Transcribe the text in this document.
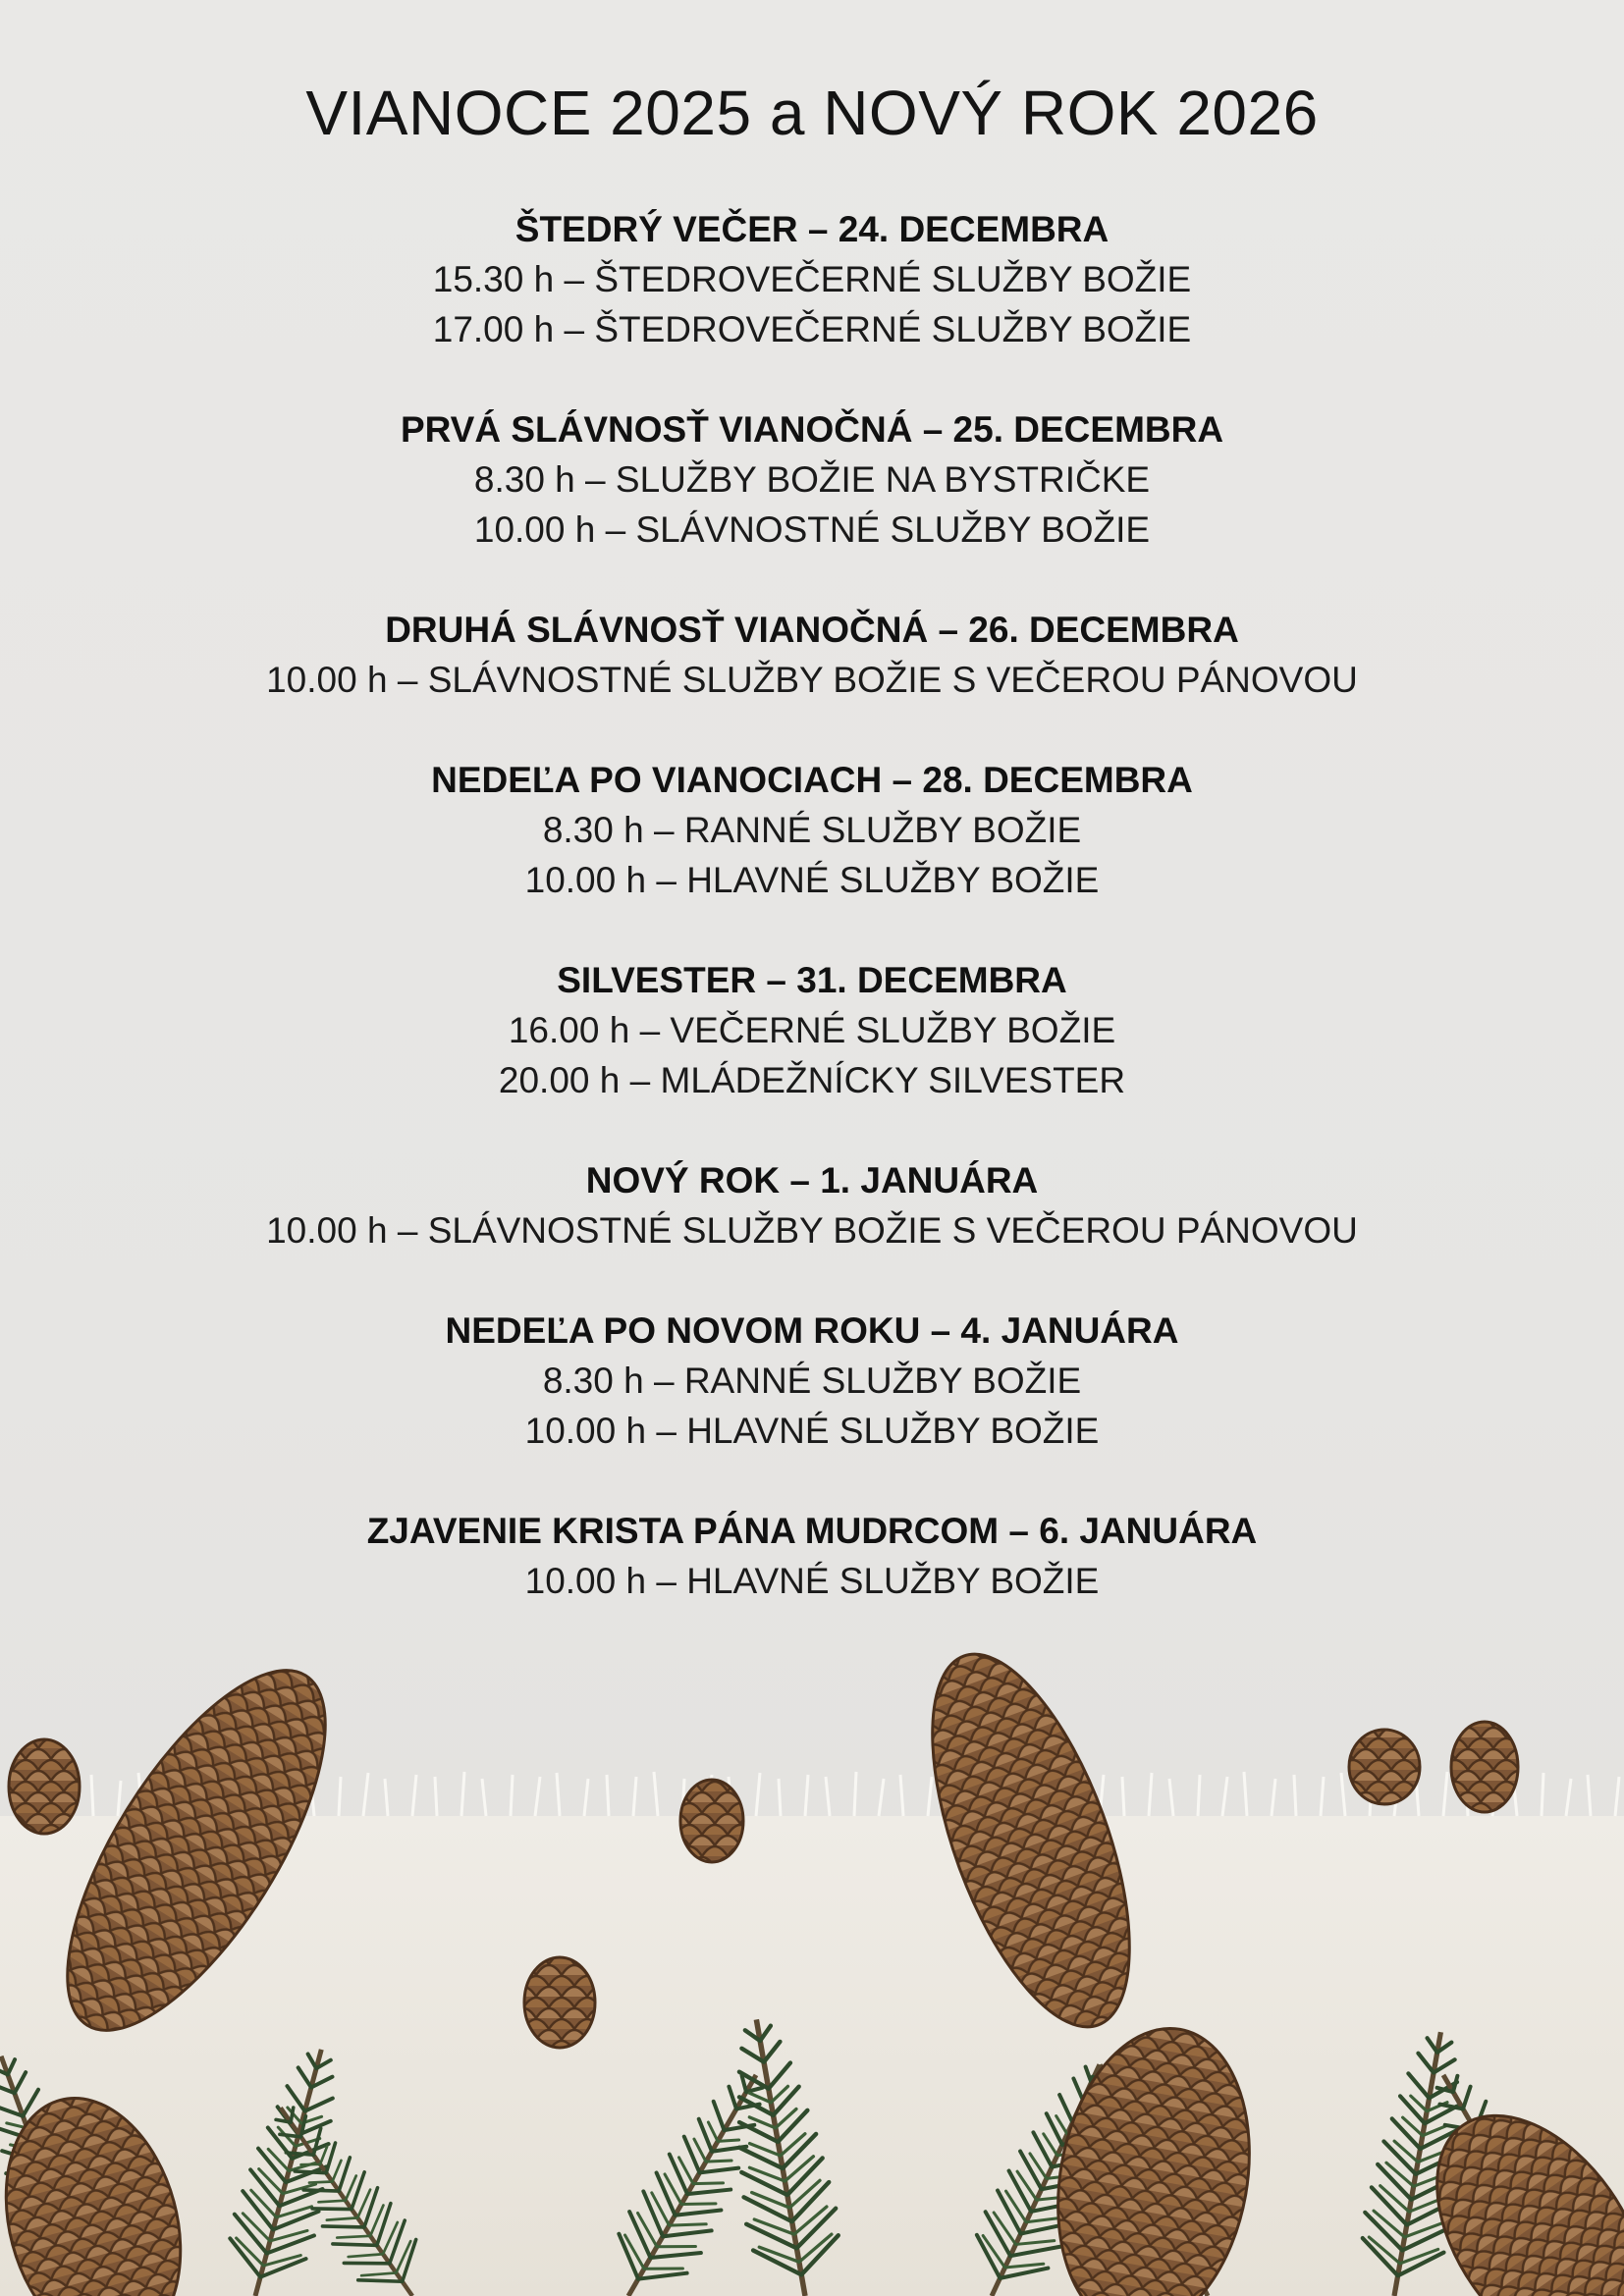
VIANOCE 2025 a NOVÝ ROK 2026

ŠTEDRÝ VEČER – 24. DECEMBRA

15.30 h – ŠTEDROVEČERNÉ SLUŽBY BOŽIE

17.00 h – ŠTEDROVEČERNÉ SLUŽBY BOŽIE

PRVÁ SLÁVNOSŤ VIANOČNÁ – 25. DECEMBRA

8.30 h – SLUŽBY BOŽIE NA BYSTRIČKE

10.00 h – SLÁVNOSTNÉ SLUŽBY BOŽIE

DRUHÁ SLÁVNOSŤ VIANOČNÁ – 26. DECEMBRA

10.00 h – SLÁVNOSTNÉ SLUŽBY BOŽIE S VEČEROU PÁNOVOU

NEDEĽA PO VIANOCIACH – 28. DECEMBRA

8.30 h – RANNÉ SLUŽBY BOŽIE

10.00 h – HLAVNÉ SLUŽBY BOŽIE

SILVESTER – 31. DECEMBRA

16.00 h – VEČERNÉ SLUŽBY BOŽIE

20.00 h – MLÁDEŽNÍCKY SILVESTER

NOVÝ ROK – 1. JANUÁRA

10.00 h – SLÁVNOSTNÉ SLUŽBY BOŽIE S VEČEROU PÁNOVOU

NEDEĽA PO NOVOM ROKU – 4. JANUÁRA

8.30 h – RANNÉ SLUŽBY BOŽIE

10.00 h – HLAVNÉ SLUŽBY BOŽIE

ZJAVENIE KRISTA PÁNA MUDRCOM – 6. JANUÁRA

10.00 h – HLAVNÉ SLUŽBY BOŽIE
